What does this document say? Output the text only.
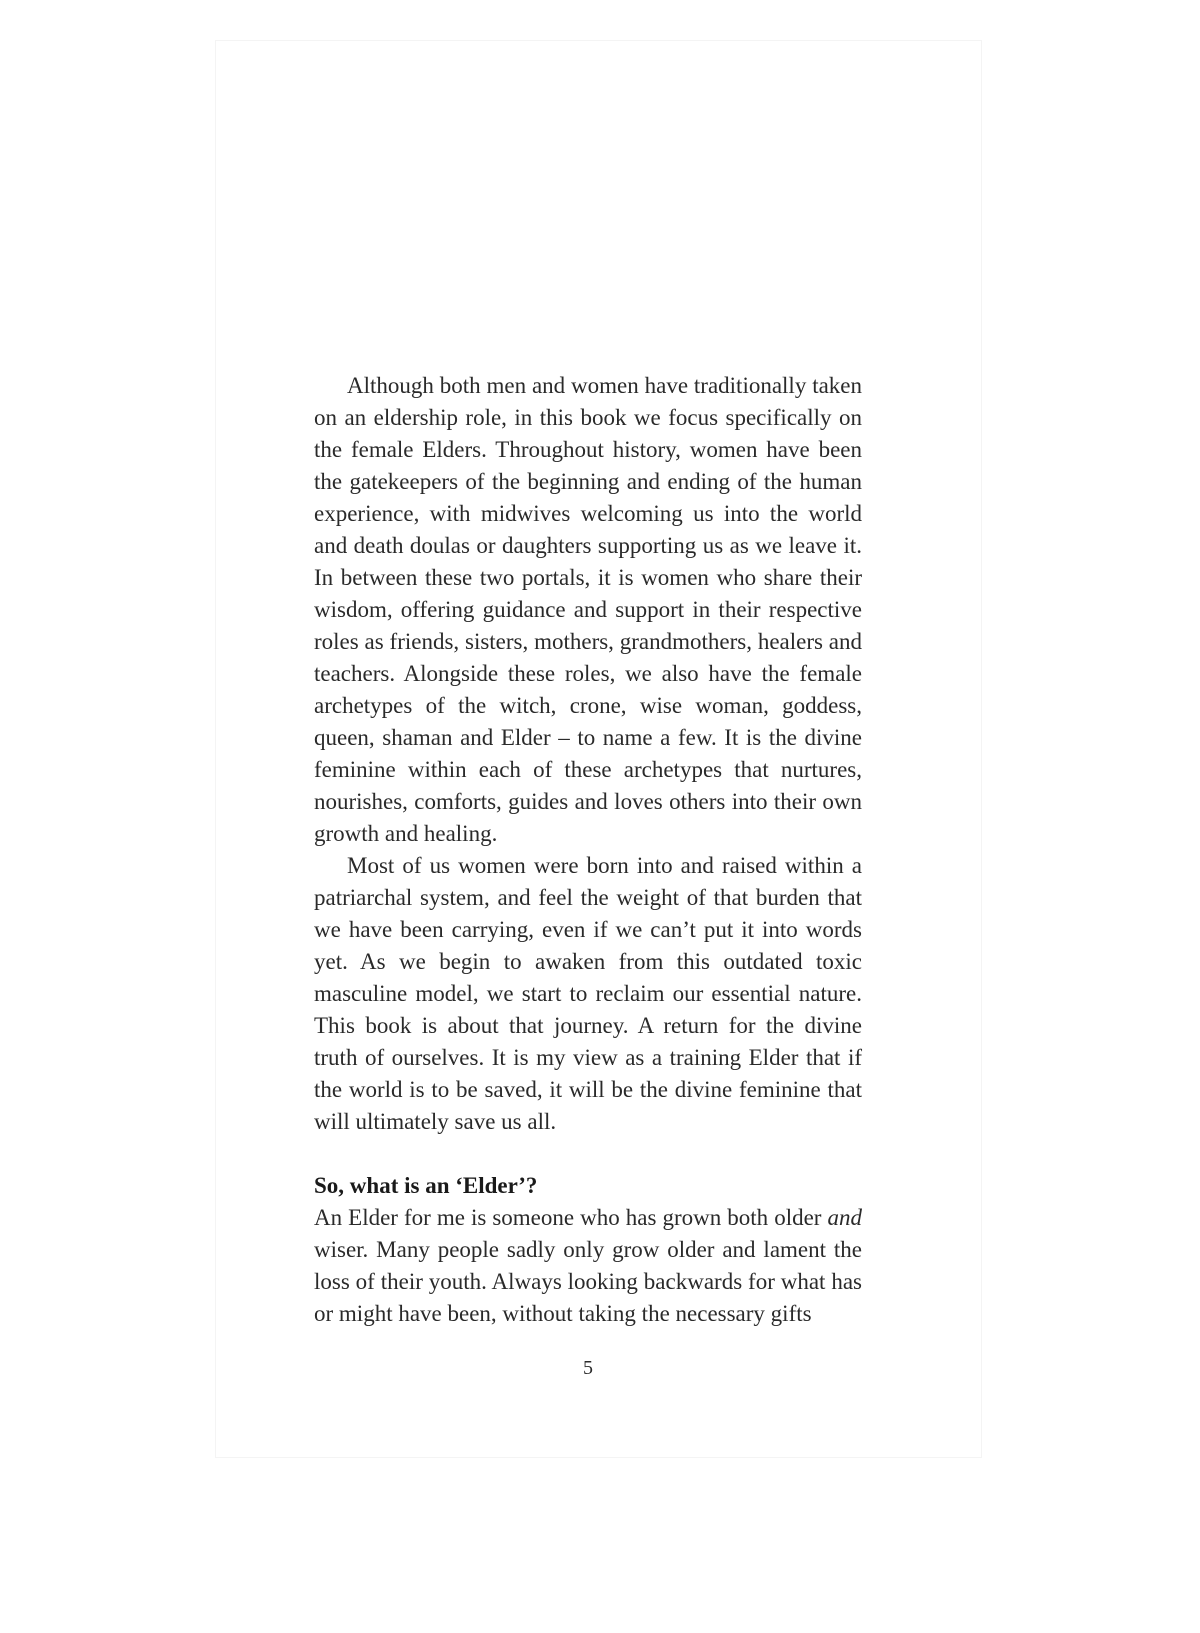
Although both men and women have traditionally taken on an eldership role, in this book we focus specifically on the female Elders. Throughout history, women have been the gatekeepers of the beginning and ending of the human experience, with midwives welcoming us into the world and death doulas or daughters supporting us as we leave it. In between these two portals, it is women who share their wisdom, offering guidance and support in their respective roles as friends, sisters, mothers, grandmothers, healers and teachers. Alongside these roles, we also have the female archetypes of the witch, crone, wise woman, goddess, queen, shaman and Elder – to name a few. It is the divine feminine within each of these archetypes that nurtures, nourishes, comforts, guides and loves others into their own growth and healing.

Most of us women were born into and raised within a patriarchal system, and feel the weight of that burden that we have been carrying, even if we can’t put it into words yet. As we begin to awaken from this outdated toxic masculine model, we start to reclaim our essential nature. This book is about that journey. A return for the divine truth of ourselves. It is my view as a training Elder that if the world is to be saved, it will be the divine feminine that will ultimately save us all.

So, what is an ‘Elder’?

An Elder for me is someone who has grown both older and wiser. Many people sadly only grow older and lament the loss of their youth. Always looking backwards for what has or might have been, without taking the necessary gifts

5
